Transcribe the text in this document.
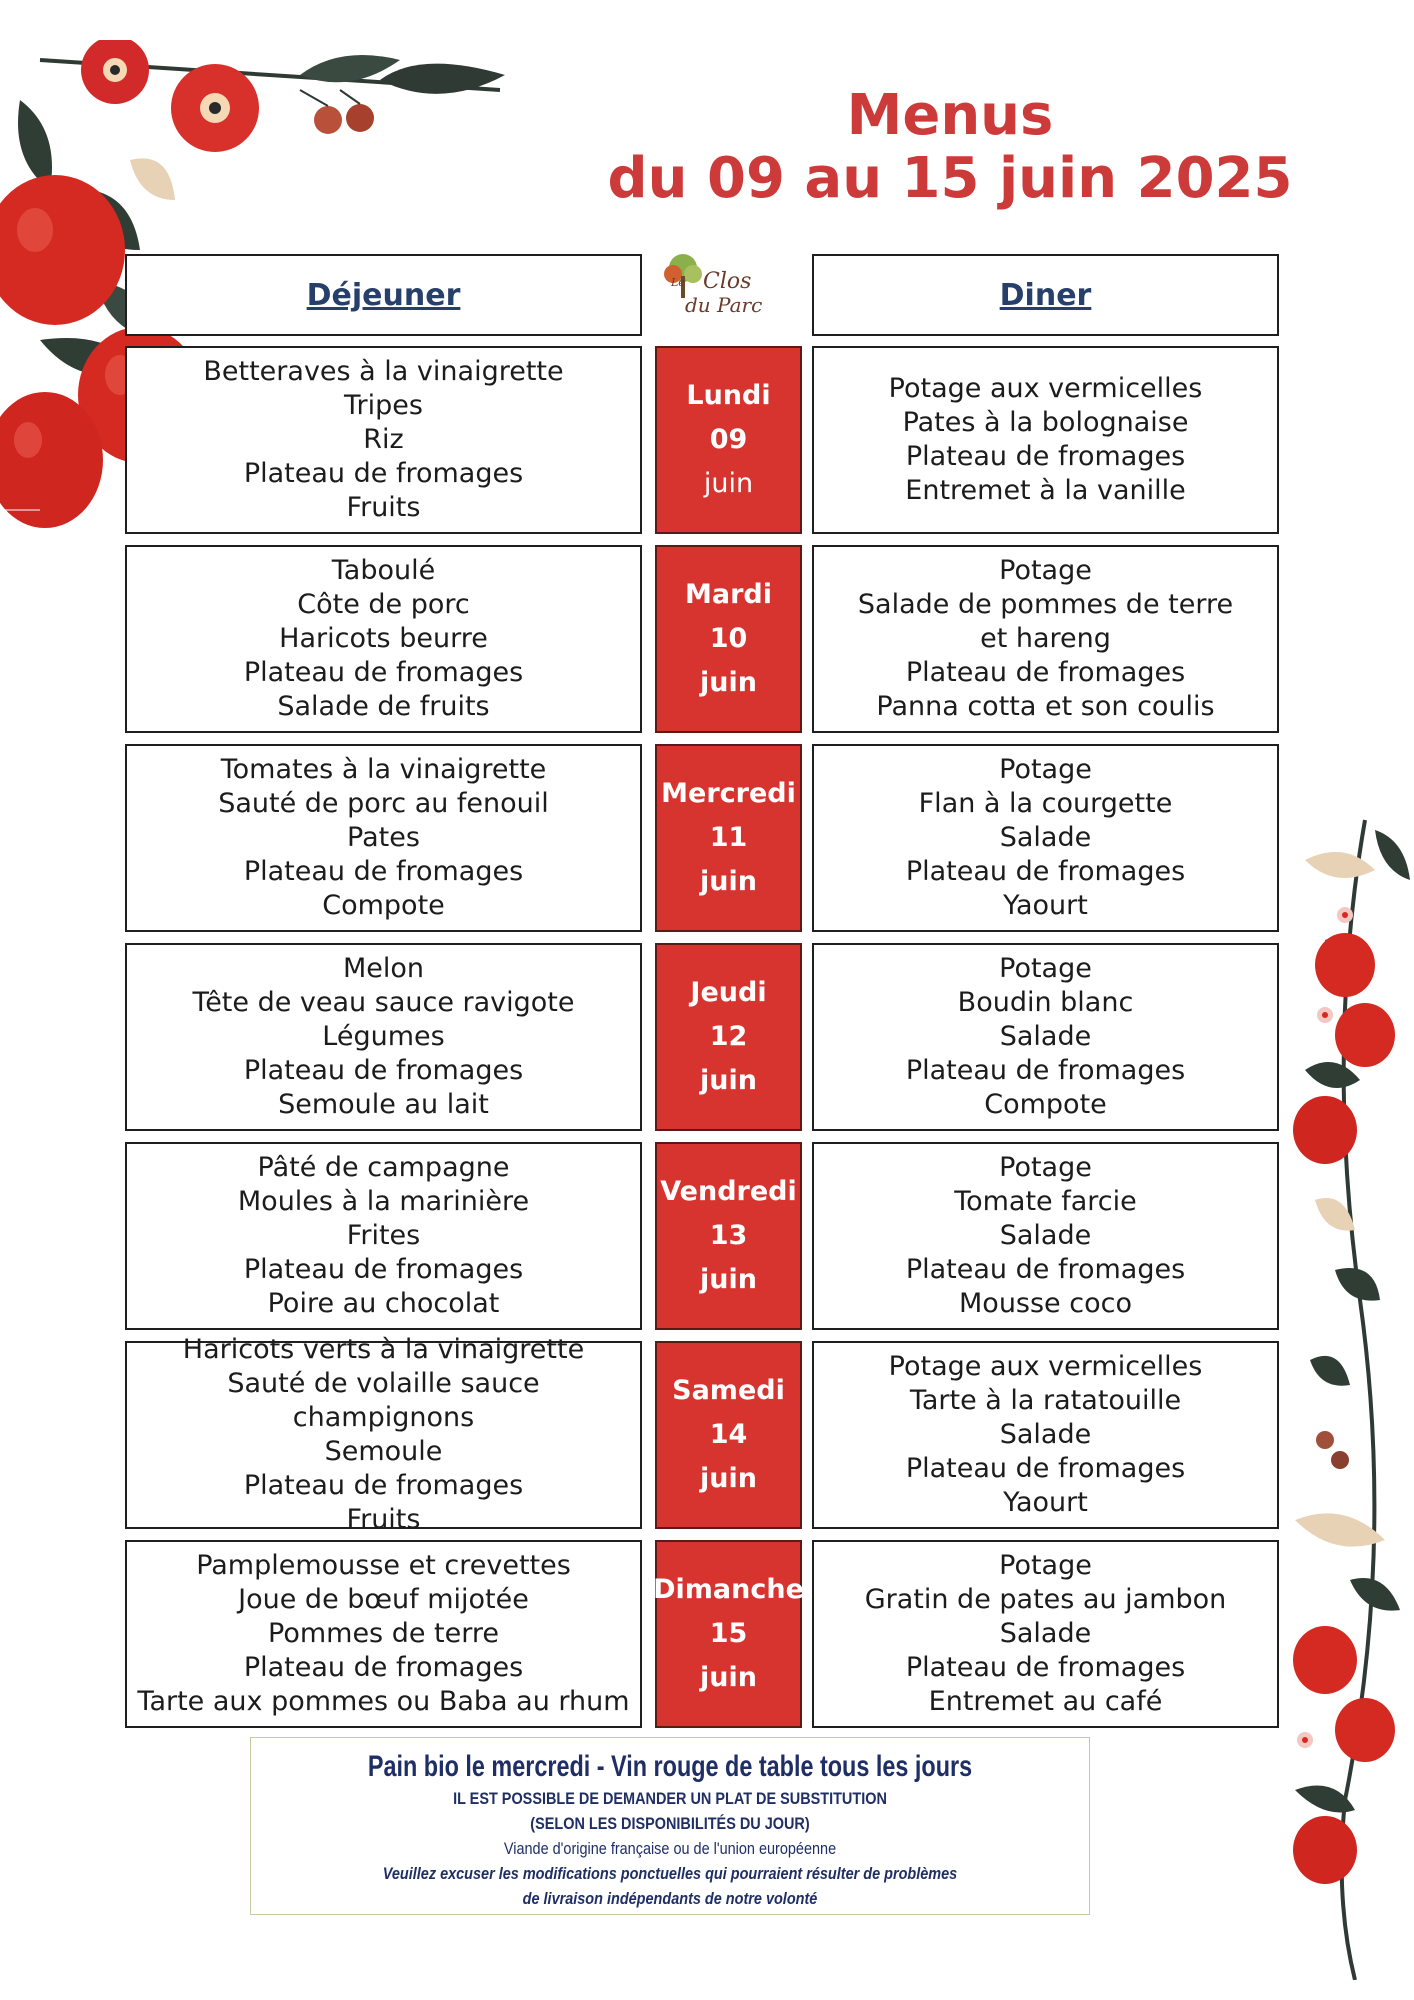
Menus
du 09 au 15 juin 2025
Déjeuner	Diner
Clos
du Parc
Le
Betteraves à la vinaigrette
Tripes
Riz
Plateau de fromages
Fruits
Lundi
09
juin
Potage aux vermicelles
Pates à la bolognaise
Plateau de fromages
Entremet à la vanille
Taboulé
Côte de porc
Haricots beurre
Plateau de fromages
Salade de fruits
Mardi
10
juin
Potage
Salade de pommes de terre
et hareng
Plateau de fromages
Panna cotta et son coulis
Tomates à la vinaigrette
Sauté de porc au fenouil
Pates
Plateau de fromages
Compote
Mercredi
11
juin
Potage
Flan à la courgette
Salade
Plateau de fromages
Yaourt
Melon
Tête de veau sauce ravigote
Légumes
Plateau de fromages
Semoule au lait
Jeudi
12
juin
Potage
Boudin blanc
Salade
Plateau de fromages
Compote
Pâté de campagne
Moules à la marinière
Frites
Plateau de fromages
Poire au chocolat
Vendredi
13
juin
Potage
Tomate farcie
Salade
Plateau de fromages
Mousse coco
Haricots verts à la vinaigrette
Sauté de volaille sauce champignons
Semoule
Plateau de fromages
Fruits
Samedi
14
juin
Potage aux vermicelles
Tarte à la ratatouille
Salade
Plateau de fromages
Yaourt
Pamplemousse et crevettes
Joue de bœuf mijotée
Pommes de terre
Plateau de fromages
Tarte aux pommes ou Baba au rhum
Dimanche
15
juin
Potage
Gratin de pates au jambon
Salade
Plateau de fromages
Entremet au café
Pain bio le mercredi - Vin rouge de table tous les jours
IL EST POSSIBLE DE DEMANDER UN PLAT DE SUBSTITUTION
(SELON LES DISPONIBILITÉS DU JOUR)
Viande d'origine française ou de l'union européenne
Veuillez excuser les modifications ponctuelles qui pourraient résulter de problèmes
de livraison indépendants de notre volonté
